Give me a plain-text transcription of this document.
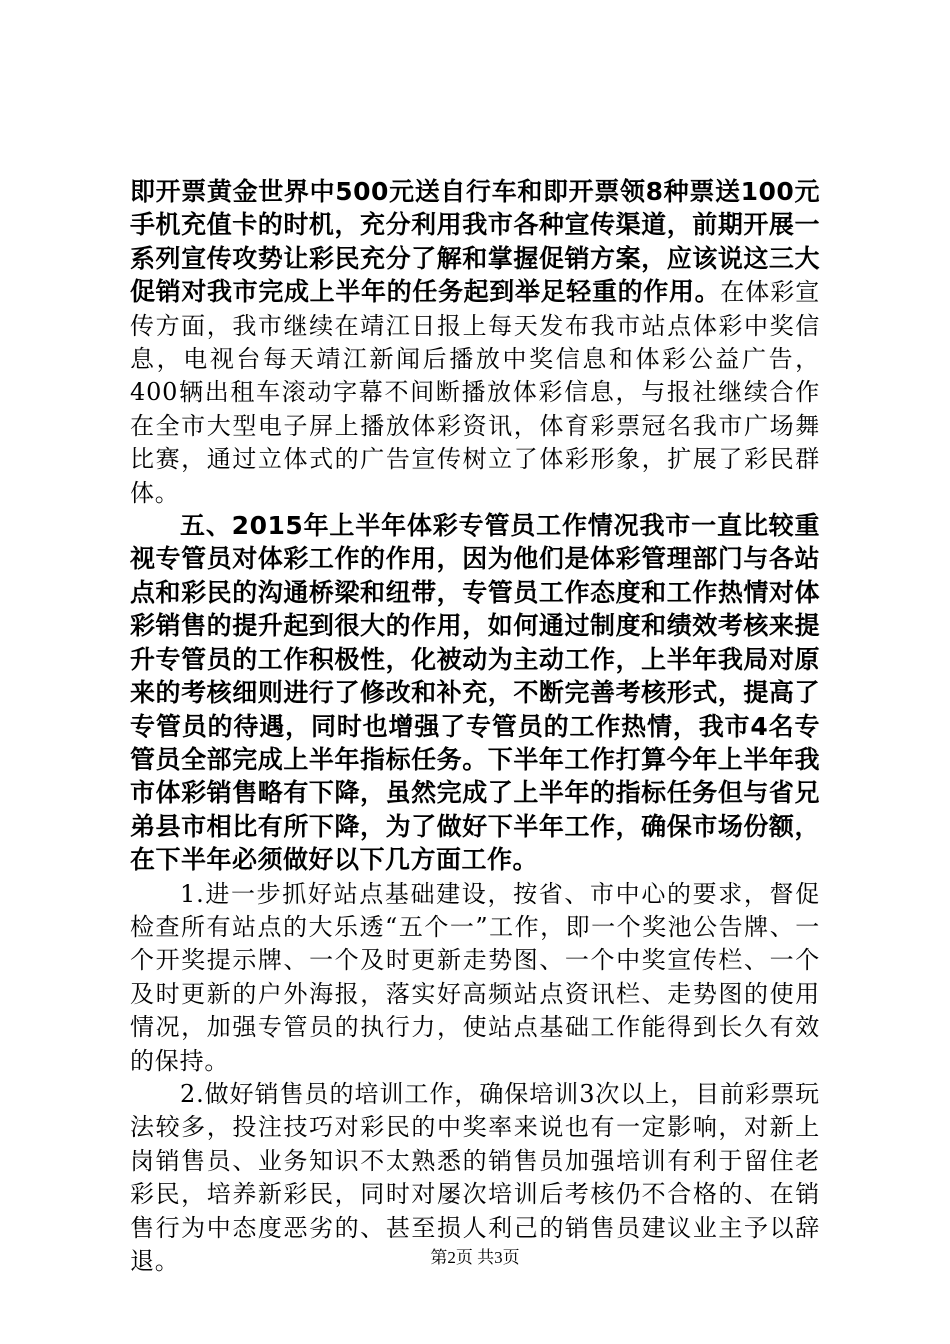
即开票黄金世界中500元送自行车和即开票领8种票送100元手机充值卡的时机，充分利用我市各种宣传渠道，前期开展一系列宣传攻势让彩民充分了解和掌握促销方案，应该说这三大促销对我市完成上半年的任务起到举足轻重的作用。在体彩宣传方面，我市继续在靖江日报上每天发布我市站点体彩中奖信息，电视台每天靖江新闻后播放中奖信息和体彩公益广告，400辆出租车滚动字幕不间断播放体彩信息，与报社继续合作在全市大型电子屏上播放体彩资讯，体育彩票冠名我市广场舞比赛，通过立体式的广告宣传树立了体彩形象，扩展了彩民群体。

五、2015年上半年体彩专管员工作情况我市一直比较重视专管员对体彩工作的作用，因为他们是体彩管理部门与各站点和彩民的沟通桥梁和纽带，专管员工作态度和工作热情对体彩销售的提升起到很大的作用，如何通过制度和绩效考核来提升专管员的工作积极性，化被动为主动工作，上半年我局对原来的考核细则进行了修改和补充，不断完善考核形式，提高了专管员的待遇，同时也增强了专管员的工作热情，我市4名专管员全部完成上半年指标任务。下半年工作打算今年上半年我市体彩销售略有下降，虽然完成了上半年的指标任务但与省兄弟县市相比有所下降，为了做好下半年工作，确保市场份额，在下半年必须做好以下几方面工作。

1.进一步抓好站点基础建设，按省、市中心的要求，督促检查所有站点的大乐透“五个一”工作，即一个奖池公告牌、一个开奖提示牌、一个及时更新走势图、一个中奖宣传栏、一个及时更新的户外海报，落实好高频站点资讯栏、走势图的使用情况，加强专管员的执行力，使站点基础工作能得到长久有效的保持。

2.做好销售员的培训工作，确保培训3次以上，目前彩票玩法较多，投注技巧对彩民的中奖率来说也有一定影响，对新上岗销售员、业务知识不太熟悉的销售员加强培训有利于留住老彩民，培养新彩民，同时对屡次培训后考核仍不合格的、在销售行为中态度恶劣的、甚至损人利己的销售员建议业主予以辞退。	第2页 共3页
